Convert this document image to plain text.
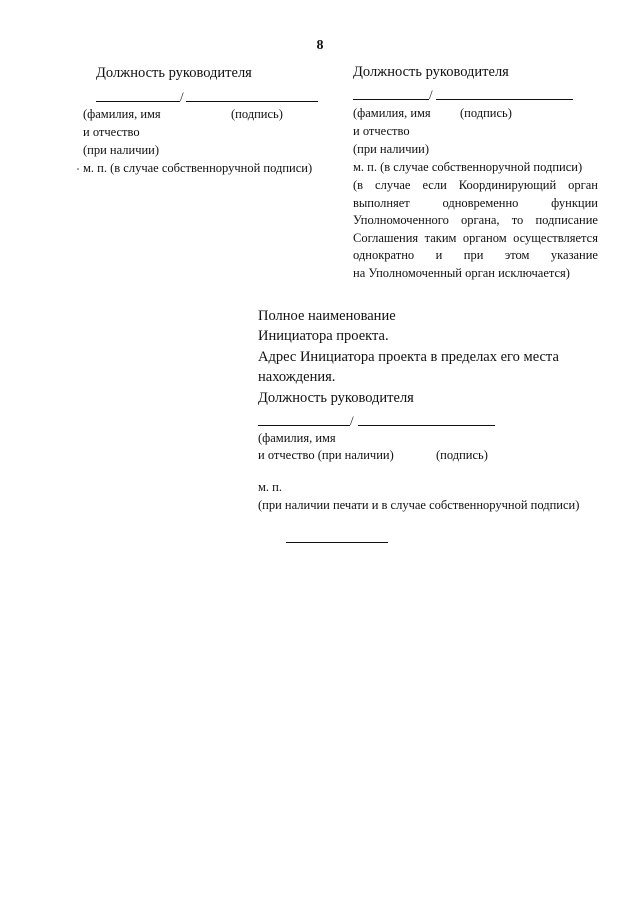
8
Должность руководителя
/
(фамилия, имя	(подпись)
и отчество
(при наличии)
м. п. (в случае собственноручной подписи)
Должность руководителя
/
(фамилия, имя (подпись)
и отчество
(при наличии)
м. п. (в случае собственноручной подписи)
(в случае если Координирующий орган
выполняет	одновременно	функции
Уполномоченного органа, то подписание
Соглашения таким органом осуществляется
однократно и при этом указание
на Уполномоченный орган исключается)
Полное наименование
Инициатора проекта.
Адрес Инициатора проекта в пределах его места
нахождения.
Должность руководителя
/
(фамилия, имя
и отчество (при наличии)	(подпись)
м. п.
(при наличии печати и в случае собственноручной подписи)
